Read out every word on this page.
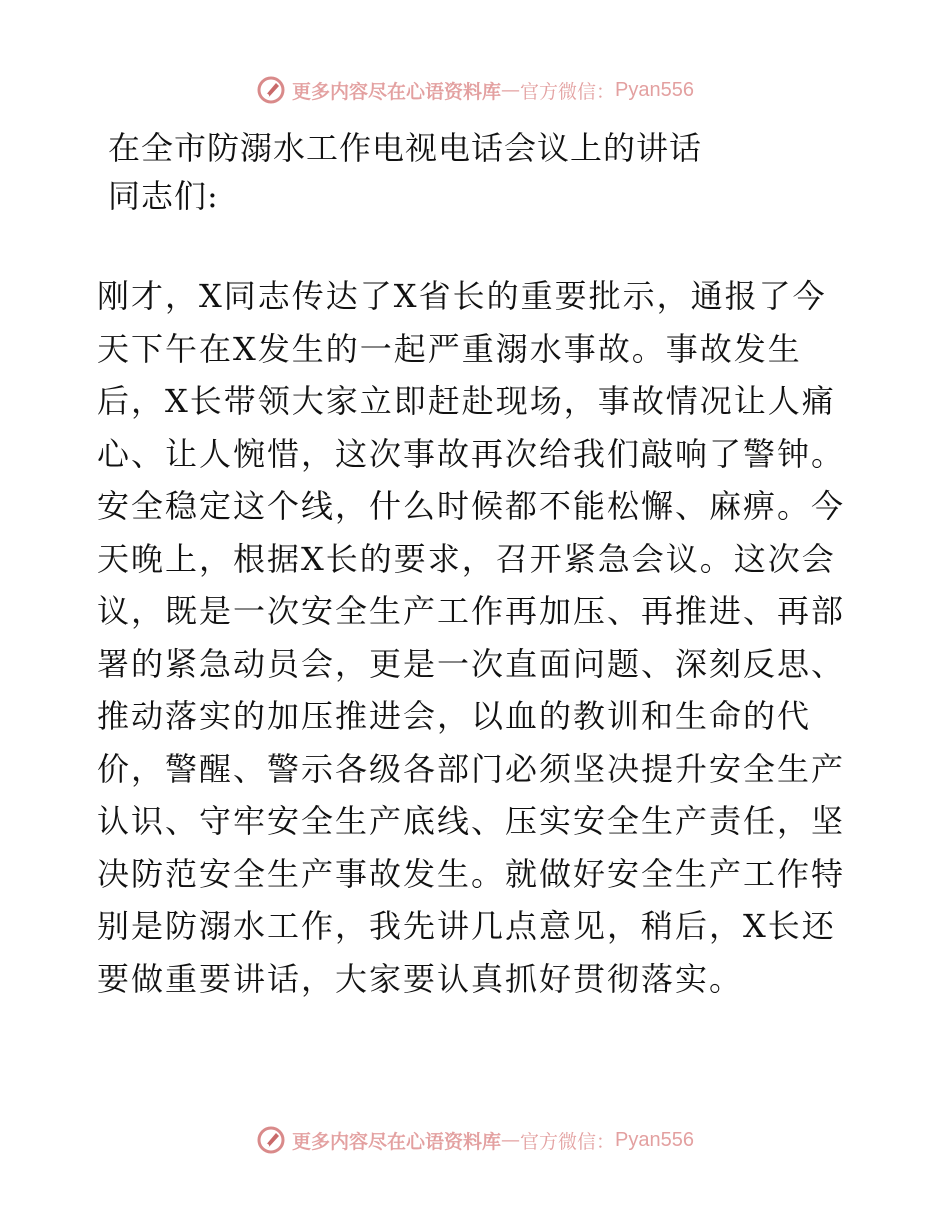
更多内容尽在心语资料库 — 官方微信： Pyan556
在全市防溺水工作电视电话会议上的讲话
同志们:
刚才，X同志传达了X省长的重要批示，通报了今
天下午在X发生的一起严重溺水事故。事故发生
后，X长带领大家立即赶赴现场，事故情况让人痛
心、让人惋惜，这次事故再次给我们敲响了警钟。
安全稳定这个线，什么时候都不能松懈、麻痹。今
天晚上，根据X长的要求，召开紧急会议。这次会
议，既是一次安全生产工作再加压、再推进、再部
署的紧急动员会，更是一次直面问题、深刻反思、
推动落实的加压推进会，以血的教训和生命的代
价，警醒、警示各级各部门必须坚决提升安全生产
认识、守牢安全生产底线、压实安全生产责任，坚
决防范安全生产事故发生。就做好安全生产工作特
别是防溺水工作，我先讲几点意见，稍后，X长还
要做重要讲话，大家要认真抓好贯彻落实。
更多内容尽在心语资料库 — 官方微信： Pyan556
